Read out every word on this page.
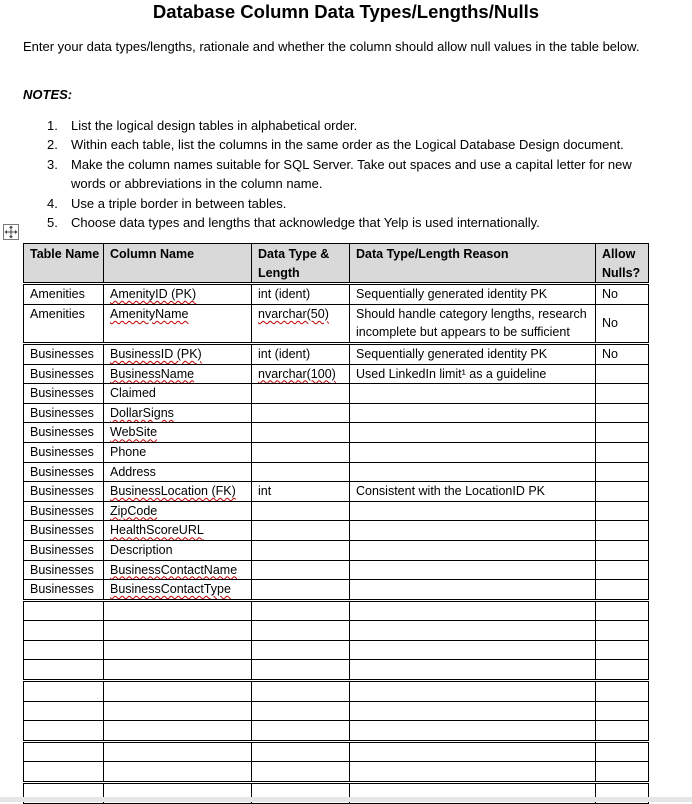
Database Column Data Types/Lengths/Nulls
Enter your data types/lengths, rationale and whether the column should allow null values in the table below.
NOTES:
1. List the logical design tables in alphabetical order.
2. Within each table, list the columns in the same order as the Logical Database Design document.
3. Make the column names suitable for SQL Server. Take out spaces and use a capital letter for new words or abbreviations in the column name.
4. Use a triple border in between tables.
5. Choose data types and lengths that acknowledge that Yelp is used internationally.
Table Name	Column Name	Data Type & Length	Data Type/Length Reason	Allow Nulls?
Amenities	AmenityID (PK)	int (ident)	Sequentially generated identity PK	No
Amenities	AmenityName	nvarchar(50)	Should handle category lengths, research incomplete but appears to be sufficient	No
Businesses	BusinessID (PK)	int (ident)	Sequentially generated identity PK	No
Businesses	BusinessName	nvarchar(100)	Used LinkedIn limit¹ as a guideline	
Businesses	Claimed			
Businesses	DollarSigns			
Businesses	WebSite			
Businesses	Phone			
Businesses	Address			
Businesses	BusinessLocation (FK)	int	Consistent with the LocationID PK	
Businesses	ZipCode			
Businesses	HealthScoreURL			
Businesses	Description			
Businesses	BusinessContactName			
Businesses	BusinessContactType			
